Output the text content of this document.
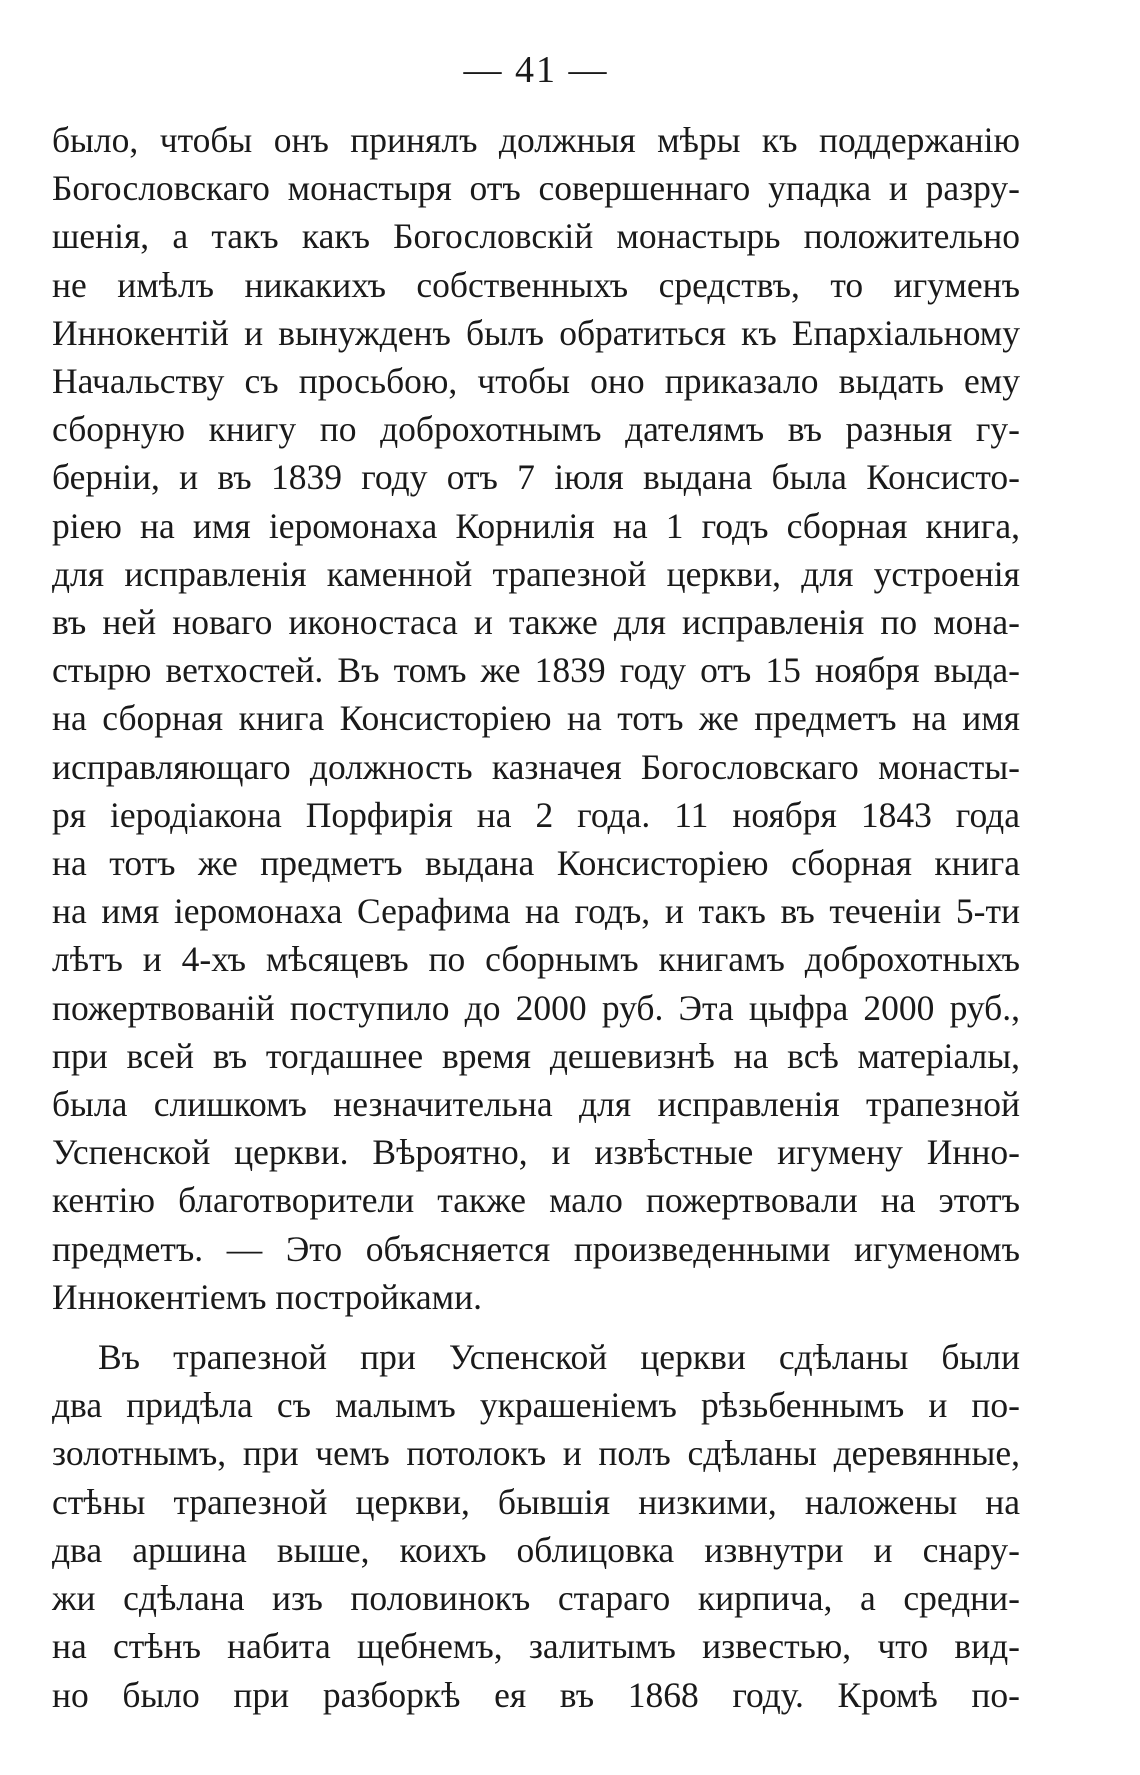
— 41 —
было, чтобы онъ принялъ должныя мѣры къ поддержанію
Богословскаго монастыря отъ совершеннаго упадка и разру-
шенія, а такъ какъ Богословскій монастырь положительно
не имѣлъ никакихъ собственныхъ средствъ, то игуменъ
Иннокентій и вынужденъ былъ обратиться къ Епархіальному
Начальству съ просьбою, чтобы оно приказало выдать ему
сборную книгу по доброхотнымъ дателямъ въ разныя гу-
берніи, и въ 1839 году отъ 7 іюля выдана была Консисто-
ріею на имя іеромонаха Корнилія на 1 годъ сборная книга,
для исправленія каменной трапезной церкви, для устроенія
въ ней новаго иконостаса и также для исправленія по мона-
стырю ветхостей. Въ томъ же 1839 году отъ 15 ноября выда-
на сборная книга Консисторіею на тотъ же предметъ на имя
исправляющаго должность казначея Богословскаго монасты-
ря іеродіакона Порфирія на 2 года. 11 ноября 1843 года
на тотъ же предметъ выдана Консисторіею сборная книга
на имя іеромонаха Серафима на годъ, и такъ въ теченіи 5-ти
лѣтъ и 4-хъ мѣсяцевъ по сборнымъ книгамъ доброхотныхъ
пожертвованій поступило до 2000 руб. Эта цыфра 2000 руб.,
при всей въ тогдашнее время дешевизнѣ на всѣ матеріалы,
была слишкомъ незначительна для исправленія трапезной
Успенской церкви. Вѣроятно, и извѣстные игумену Инно-
кентію благотворители также мало пожертвовали на этотъ
предметъ. — Это объясняется произведенными игуменомъ
Иннокентіемъ постройками.
Въ трапезной при Успенской церкви сдѣланы были
два придѣла съ малымъ украшеніемъ рѣзьбеннымъ и по-
золотнымъ, при чемъ потолокъ и полъ сдѣланы деревянные,
стѣны трапезной церкви, бывшія низкими, наложены на
два аршина выше, коихъ облицовка извнутри и снару-
жи сдѣлана изъ половинокъ стараго кирпича, а средни-
на стѣнъ набита щебнемъ, залитымъ известью, что вид-
но было при разборкѣ ея въ 1868 году. Кромѣ по-
